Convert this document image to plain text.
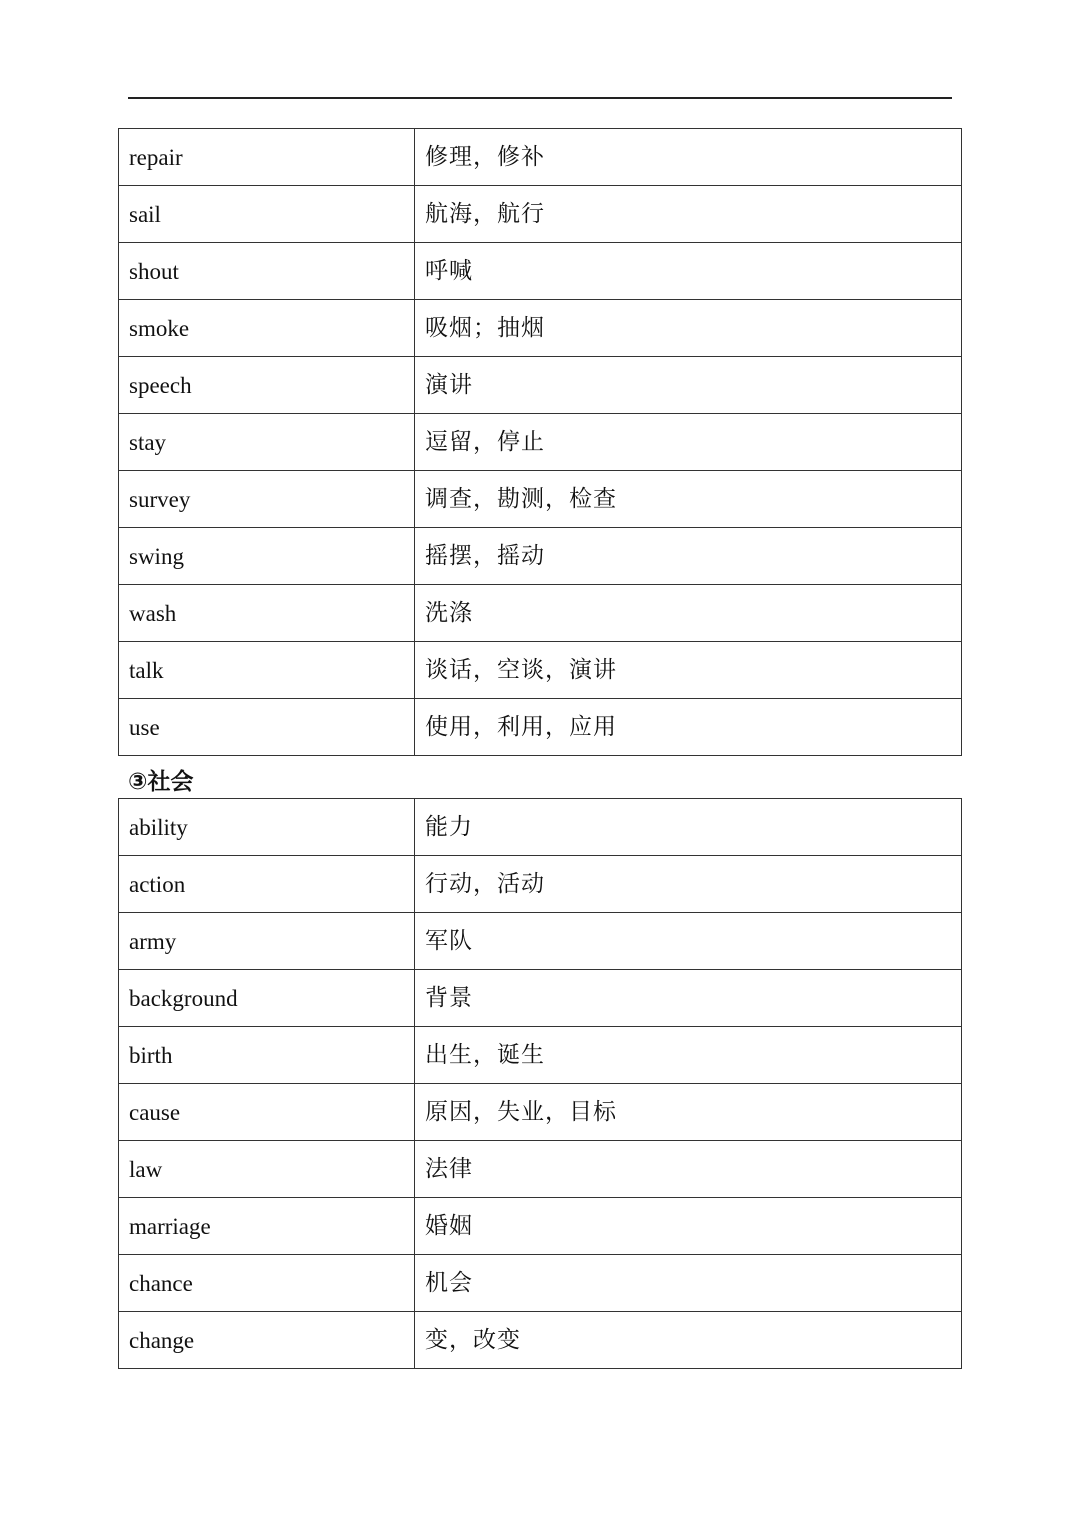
repair	修理，修补
sail	航海，航行
shout	呼喊
smoke	吸烟；抽烟
speech	演讲
stay	逗留，停止
survey	调查，勘测，检查
swing	摇摆，摇动
wash	洗涤
talk	谈话，空谈，演讲
use	使用，利用，应用
③社会
ability	能力
action	行动，活动
army	军队
background	背景
birth	出生，诞生
cause	原因，失业，目标
law	法律
marriage	婚姻
chance	机会
change	变，改变
